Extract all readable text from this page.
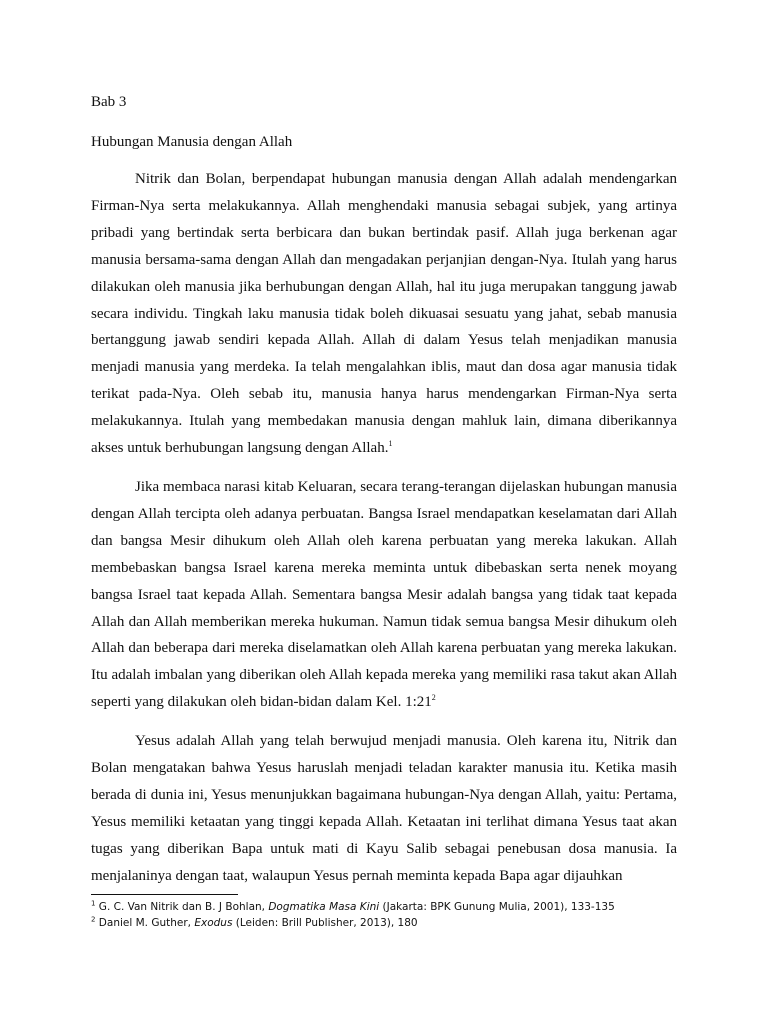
Bab 3

Hubungan Manusia dengan Allah

Nitrik dan Bolan, berpendapat hubungan manusia dengan Allah adalah mendengarkan Firman-Nya serta melakukannya. Allah menghendaki manusia sebagai subjek, yang artinya pribadi yang bertindak serta berbicara dan bukan bertindak pasif. Allah juga berkenan agar manusia bersama-sama dengan Allah dan mengadakan perjanjian dengan-Nya. Itulah yang harus dilakukan oleh manusia jika berhubungan dengan Allah, hal itu juga merupakan tanggung jawab secara individu. Tingkah laku manusia tidak boleh dikuasai sesuatu yang jahat, sebab manusia bertanggung jawab sendiri kepada Allah. Allah di dalam Yesus telah menjadikan manusia menjadi manusia yang merdeka. Ia telah mengalahkan iblis, maut dan dosa agar manusia tidak terikat pada-Nya. Oleh sebab itu, manusia hanya harus mendengarkan Firman-Nya serta melakukannya. Itulah yang membedakan manusia dengan mahluk lain, dimana diberikannya akses untuk berhubungan langsung dengan Allah.$^1$

Jika membaca narasi kitab Keluaran, secara terang-terangan dijelaskan hubungan manusia dengan Allah tercipta oleh adanya perbuatan. Bangsa Israel mendapatkan keselamatan dari Allah dan bangsa Mesir dihukum oleh Allah oleh karena perbuatan yang mereka lakukan. Allah membebaskan bangsa Israel karena mereka meminta untuk dibebaskan serta nenek moyang bangsa Israel taat kepada Allah. Sementara bangsa Mesir adalah bangsa yang tidak taat kepada Allah dan Allah memberikan mereka hukuman. Namun tidak semua bangsa Mesir dihukum oleh Allah dan beberapa dari mereka diselamatkan oleh Allah karena perbuatan yang mereka lakukan. Itu adalah imbalan yang diberikan oleh Allah kepada mereka yang memiliki rasa takut akan Allah seperti yang dilakukan oleh bidan-bidan dalam Kel. $1:21^2$

Yesus adalah Allah yang telah berwujud menjadi manusia. Oleh karena itu, Nitrik dan Bolan mengatakan bahwa Yesus haruslah menjadi teladan karakter manusia itu. Ketika masih berada di dunia ini, Yesus menunjukkan bagaimana hubungan-Nya dengan Allah, yaitu: Pertama, Yesus memiliki ketaatan yang tinggi kepada Allah. Ketaatan ini terlihat dimana Yesus taat akan tugas yang diberikan Bapa untuk mati di Kayu Salib sebagai penebusan dosa manusia. Ia menjalaninya dengan taat, walaupun Yesus pernah meminta kepada Bapa agar dijauhkan

$^1$ G. C. Van Nitrik dan B. J Bohlan, Dogmatika Masa Kini (Jakarta: BPK Gunung Mulia, 2001), 133-135

$^2$ Daniel M. Guther, Exodus (Leiden: Brill Publisher, 2013), 180
